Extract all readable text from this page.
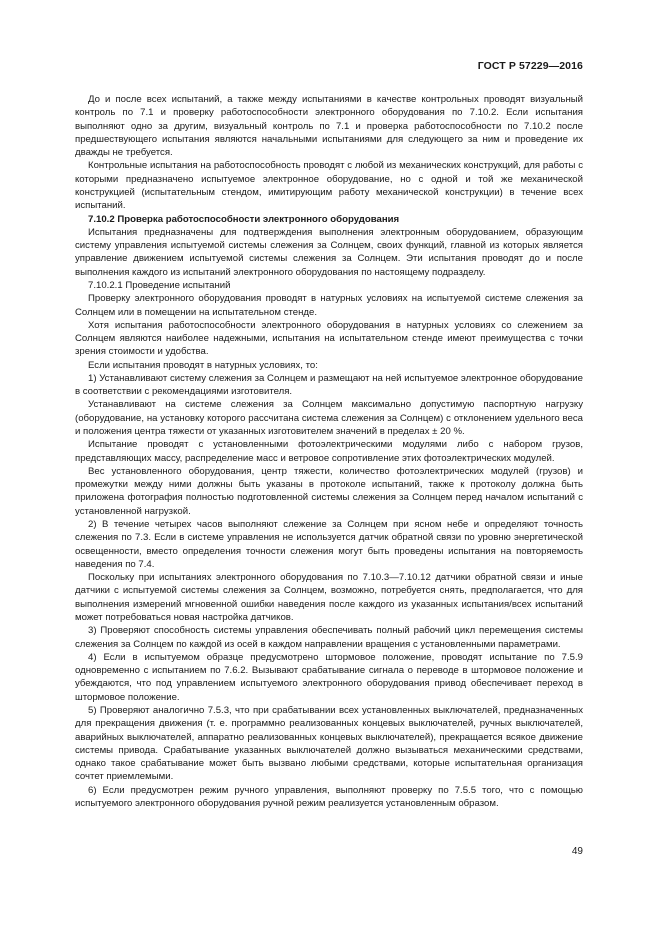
ГОСТ Р 57229—2016

До и после всех испытаний, а также между испытаниями в качестве контрольных проводят визуальный контроль по 7.1 и проверку работоспособности электронного оборудования по 7.10.2. Если испытания выполняют одно за другим, визуальный контроль по 7.1 и проверка работоспособности по 7.10.2 после предшествующего испытания являются начальными испытаниями для следующего за ним и проведение их дважды не требуется.

Контрольные испытания на работоспособность проводят с любой из механических конструкций, для работы с которыми предназначено испытуемое электронное оборудование, но с одной и той же механической конструкцией (испытательным стендом, имитирующим работу механической конструкции) в течение всех испытаний.

7.10.2 Проверка работоспособности электронного оборудования

Испытания предназначены для подтверждения выполнения электронным оборудованием, образующим систему управления испытуемой системы слежения за Солнцем, своих функций, главной из которых является управление движением испытуемой системы слежения за Солнцем. Эти испытания проводят до и после выполнения каждого из испытаний электронного оборудования по настоящему подразделу.

7.10.2.1 Проведение испытаний

Проверку электронного оборудования проводят в натурных условиях на испытуемой системе слежения за Солнцем или в помещении на испытательном стенде.

Хотя испытания работоспособности электронного оборудования в натурных условиях со слежением за Солнцем являются наиболее надежными, испытания на испытательном стенде имеют преимущества с точки зрения стоимости и удобства.

Если испытания проводят в натурных условиях, то:

1) Устанавливают систему слежения за Солнцем и размещают на ней испытуемое электронное оборудование в соответствии с рекомендациями изготовителя.

Устанавливают на системе слежения за Солнцем максимально допустимую паспортную нагрузку (оборудование, на установку которого рассчитана система слежения за Солнцем) с отклонением удельного веса и положения центра тяжести от указанных изготовителем значений в пределах ± 20 %.

Испытание проводят с установленными фотоэлектрическими модулями либо с набором грузов, представляющих массу, распределение масс и ветровое сопротивление этих фотоэлектрических модулей.

Вес установленного оборудования, центр тяжести, количество фотоэлектрических модулей (грузов) и промежутки между ними должны быть указаны в протоколе испытаний, также к протоколу должна быть приложена фотография полностью подготовленной системы слежения за Солнцем перед началом испытаний с установленной нагрузкой.

2) В течение четырех часов выполняют слежение за Солнцем при ясном небе и определяют точность слежения по 7.3. Если в системе управления не используется датчик обратной связи по уровню энергетической освещенности, вместо определения точности слежения могут быть проведены испытания на повторяемость наведения по 7.4.

Поскольку при испытаниях электронного оборудования по 7.10.3—7.10.12 датчики обратной связи и иные датчики с испытуемой системы слежения за Солнцем, возможно, потребуется снять, предполагается, что для выполнения измерений мгновенной ошибки наведения после каждого из указанных испытания/всех испытаний может потребоваться новая настройка датчиков.

3) Проверяют способность системы управления обеспечивать полный рабочий цикл перемещения системы слежения за Солнцем по каждой из осей в каждом направлении вращения с установленными параметрами.

4) Если в испытуемом образце предусмотрено штормовое положение, проводят испытание по 7.5.9 одновременно с испытанием по 7.6.2. Вызывают срабатывание сигнала о переводе в штормовое положение и убеждаются, что под управлением испытуемого электронного оборудования привод обеспечивает переход в штормовое положение.

5) Проверяют аналогично 7.5.3, что при срабатывании всех установленных выключателей, предназначенных для прекращения движения (т. е. программно реализованных концевых выключателей, ручных выключателей, аварийных выключателей, аппаратно реализованных концевых выключателей), прекращается всякое движение системы привода. Срабатывание указанных выключателей должно вызываться механическими средствами, однако такое срабатывание может быть вызвано любыми средствами, которые испытательная организация сочтет приемлемыми.

6) Если предусмотрен режим ручного управления, выполняют проверку по 7.5.5 того, что с помощью испытуемого электронного оборудования ручной режим реализуется установленным образом.

49
